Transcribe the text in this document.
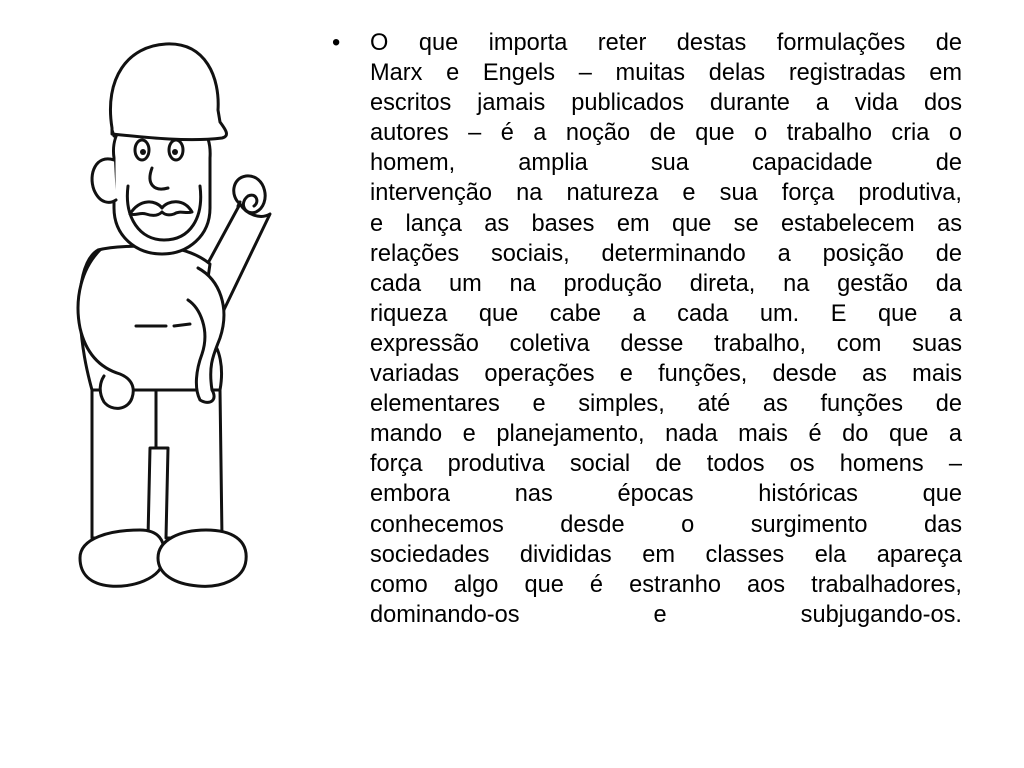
• O que importa reter destas formulações de
Marx e Engels – muitas delas registradas em
escritos jamais publicados durante a vida dos
autores – é a noção de que o trabalho cria o
homem, amplia sua capacidade de
intervenção na natureza e sua força produtiva,
e lança as bases em que se estabelecem as
relações sociais, determinando a posição de
cada um na produção direta, na gestão da
riqueza que cabe a cada um. E que a
expressão coletiva desse trabalho, com suas
variadas operações e funções, desde as mais
elementares e simples, até as funções de
mando e planejamento, nada mais é do que a
força produtiva social de todos os homens –
embora nas épocas históricas que
conhecemos desde o surgimento das
sociedades divididas em classes ela apareça
como algo que é estranho aos trabalhadores,
dominando-os e subjugando-os.
